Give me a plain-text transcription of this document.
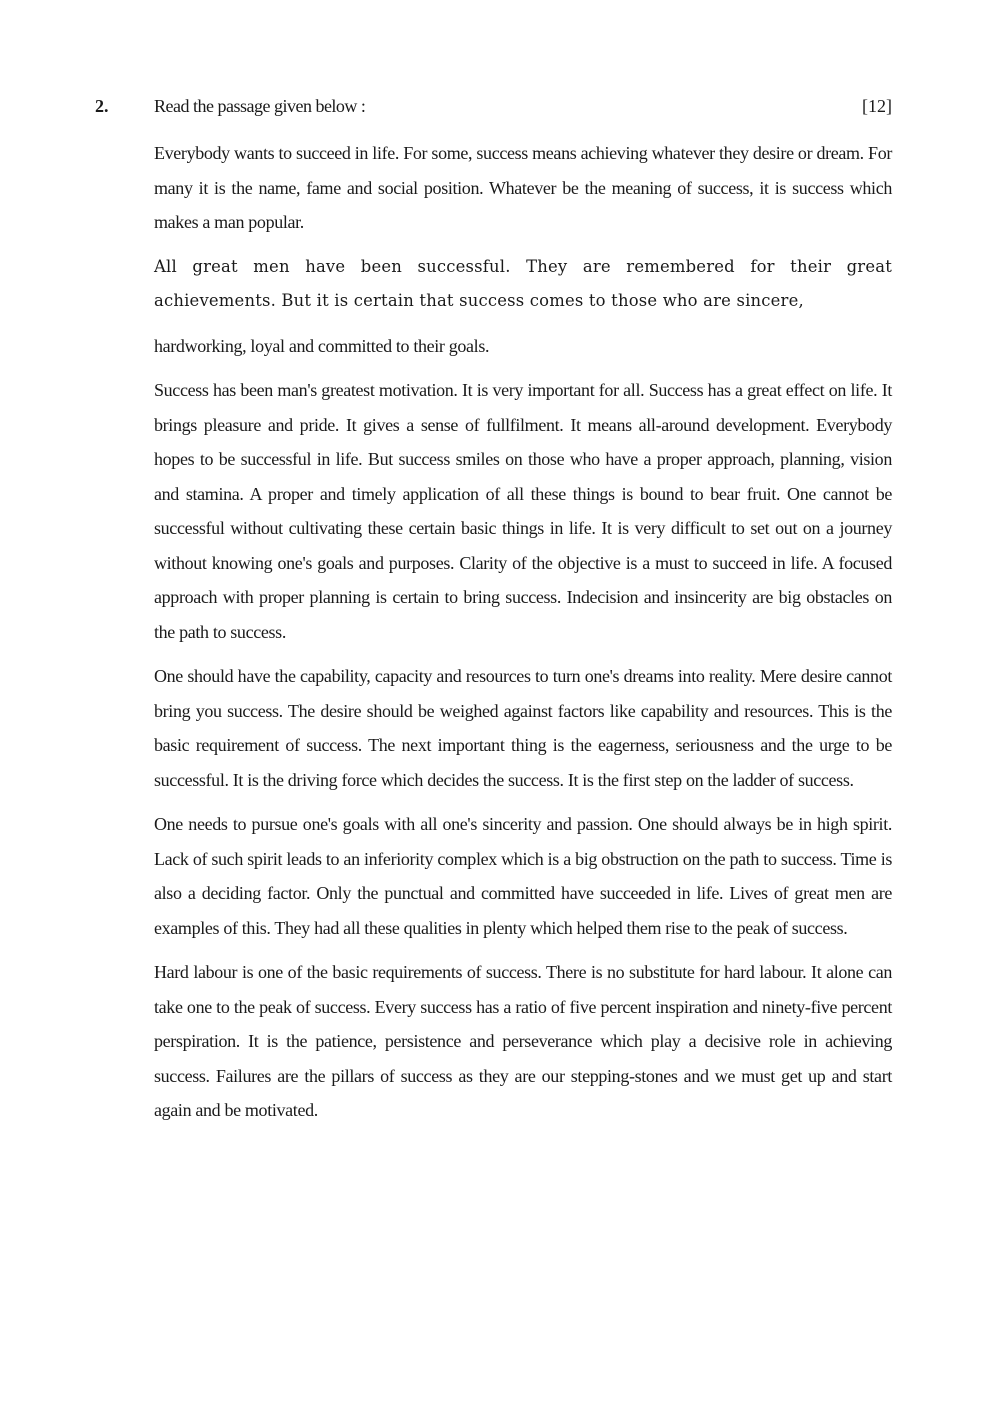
2.	Read the passage given below :	[12]

Everybody wants to succeed in life. For some, success means achieving whatever they desire or dream. For many it is the name, fame and social position. Whatever be the meaning of success, it is success which makes a man popular.

All great men have been successful. They are remembered for their great achievements. But it is certain that success comes to those who are sincere,

hardworking, loyal and committed to their goals.

Success has been man's greatest motivation. It is very important for all. Success has a great effect on life. It brings pleasure and pride. It gives a sense of fullfilment. It means all-around development. Everybody hopes to be successful in life. But success smiles on those who have a proper approach, planning, vision and stamina. A proper and timely application of all these things is bound to bear fruit. One cannot be successful without cultivating these certain basic things in life. It is very difficult to set out on a journey without knowing one's goals and purposes. Clarity of the objective is a must to succeed in life. A focused approach with proper planning is certain to bring success. Indecision and insincerity are big obstacles on the path to success.

One should have the capability, capacity and resources to turn one's dreams into reality. Mere desire cannot bring you success. The desire should be weighed against factors like capability and resources. This is the basic requirement of success. The next important thing is the eagerness, seriousness and the urge to be successful. It is the driving force which decides the success. It is the first step on the ladder of success.

One needs to pursue one's goals with all one's sincerity and passion. One should always be in high spirit. Lack of such spirit leads to an inferiority complex which is a big obstruction on the path to success. Time is also a deciding factor. Only the punctual and committed have succeeded in life. Lives of great men are examples of this. They had all these qualities in plenty which helped them rise to the peak of success.

Hard labour is one of the basic requirements of success. There is no substitute for hard labour. It alone can take one to the peak of success. Every success has a ratio of five percent inspiration and ninety-five percent perspiration. It is the patience, persistence and perseverance which play a decisive role in achieving success. Failures are the pillars of success as they are our stepping-stones and we must get up and start again and be motivated.
